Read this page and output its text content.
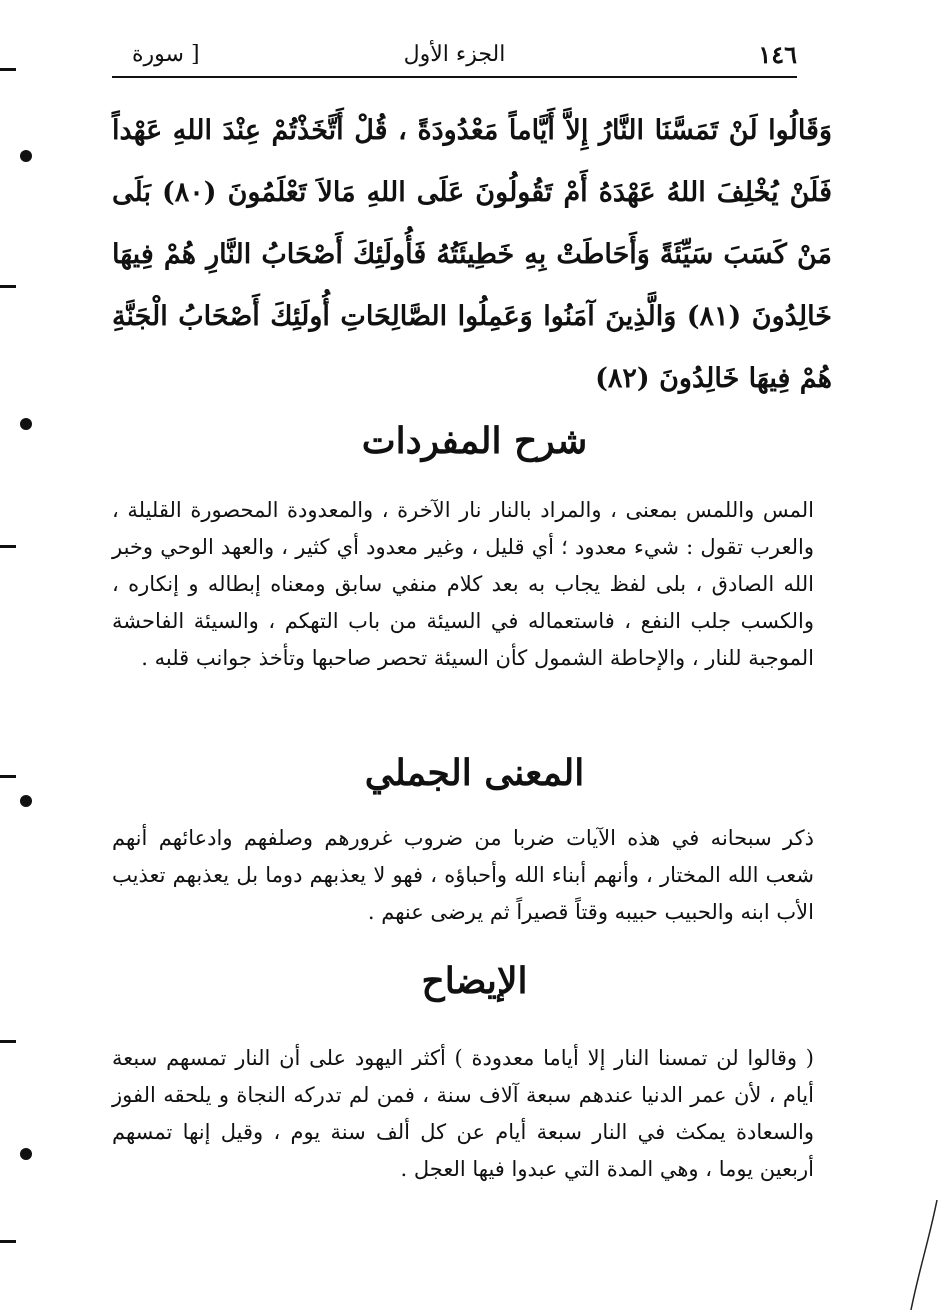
١٤٦
الجزء الأول
[ سورة
وَقَالُوا لَنْ تَمَسَّنَا النَّارُ إِلاَّ أَيَّاماً مَعْدُودَةً ، قُلْ أَتَّخَذْتُمْ عِنْدَ اللهِ عَهْداً فَلَنْ يُخْلِفَ اللهُ عَهْدَهُ أَمْ تَقُولُونَ عَلَى اللهِ مَالاَ تَعْلَمُونَ (٨٠) بَلَى مَنْ كَسَبَ سَيِّئَةً وَأَحَاطَتْ بِهِ خَطِيئَتُهُ فَأُولَئِكَ أَصْحَابُ النَّارِ هُمْ فِيهَا خَالِدُونَ (٨١) وَالَّذِينَ آمَنُوا وَعَمِلُوا الصَّالِحَاتِ أُولَئِكَ أَصْحَابُ الْجَنَّةِ هُمْ فِيهَا خَالِدُونَ (٨٢)
شرح المفردات
المس واللمس بمعنى ، والمراد بالنار نار الآخرة ، والمعدودة المحصورة القليلة ، والعرب تقول : شيء معدود ؛ أي قليل ، وغير معدود أي كثير ، والعهد الوحي وخبر الله الصادق ، بلى لفظ يجاب به بعد كلام منفي سابق ومعناه إبطاله و إنكاره ، والكسب جلب النفع ، فاستعماله في السيئة من باب التهكم ، والسيئة الفاحشة الموجبة للنار ، والإحاطة الشمول كأن السيئة تحصر صاحبها وتأخذ جوانب قلبه .
المعنى الجملي
ذكر سبحانه في هذه الآيات ضربا من ضروب غرورهم وصلفهم وادعائهم أنهم شعب الله المختار ، وأنهم أبناء الله وأحباؤه ، فهو لا يعذبهم دوما بل يعذبهم تعذيب الأب ابنه والحبيب حبيبه وقتاً قصيراً ثم يرضى عنهم .
الإيضاح
( وقالوا لن تمسنا النار إلا أياما معدودة ) أكثر اليهود على أن النار تمسهم سبعة أيام ، لأن عمر الدنيا عندهم سبعة آلاف سنة ، فمن لم تدركه النجاة و يلحقه الفوز والسعادة يمكث في النار سبعة أيام عن كل ألف سنة يوم ، وقيل إنها تمسهم أربعين يوما ، وهي المدة التي عبدوا فيها العجل .
